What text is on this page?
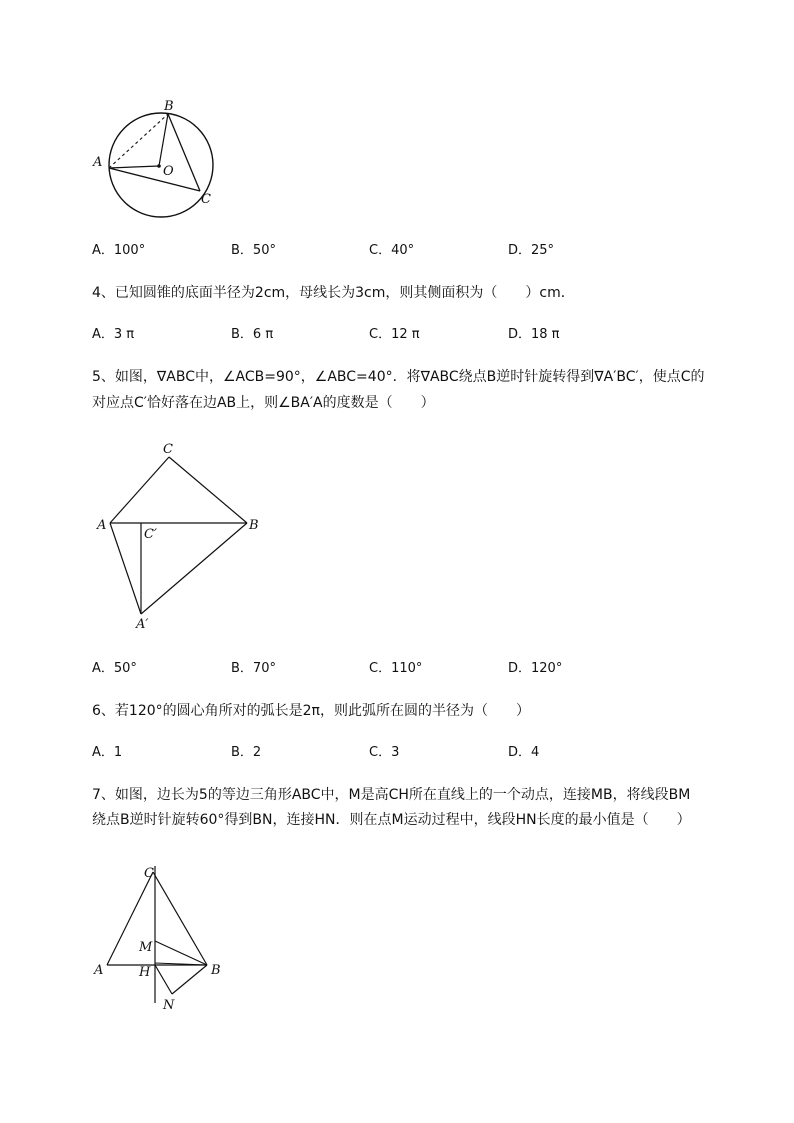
A
B
O
C
A．100°	B．50°	C．40°	D．25°
4、已知圆锥的底面半径为2cm，母线长为3cm，则其侧面积为（　　）cm．
A．3 π	B．6 π	C．12 π	D．18 π
5、如图，∇ABC中，∠ACB=90°，∠ABC=40°．将∇ABC绕点B逆时针旋转得到∇A′BC′，使点C的
对应点C′恰好落在边AB上，则∠BA′A的度数是（　　）
C
A	B
C′
A′
A．50°	B．70°	C．110°	D．120°
6、若120°的圆心角所对的弧长是2π，则此弧所在圆的半径为（　　）
A．1	B．2	C．3	D．4
7、如图，边长为5的等边三角形ABC中，M是高CH所在直线上的一个动点，连接MB，将线段BM
绕点B逆时针旋转60°得到BN，连接HN．则在点M运动过程中，线段HN长度的最小值是（　　）
C
M
A	H	B
N
